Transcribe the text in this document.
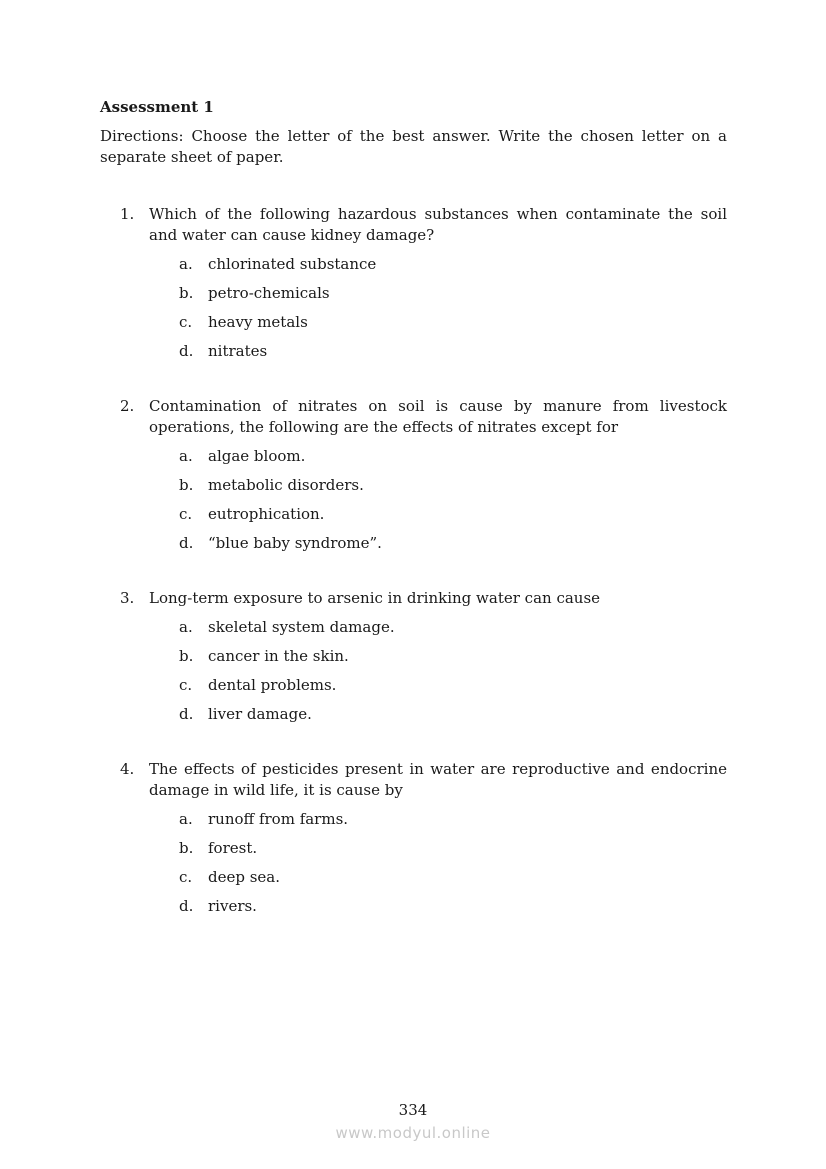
Assessment 1

Directions: Choose the letter of the best answer. Write the chosen letter on a separate sheet of paper.

1. Which of the following hazardous substances when contaminate the soil and water can cause kidney damage?

a. chlorinated substance
b. petro-chemicals
c. heavy metals
d. nitrates
2. Contamination of nitrates on soil is cause by manure from livestock operations, the following are the effects of nitrates except for

a. algae bloom.
b. metabolic disorders.
c. eutrophication.
d. “blue baby syndrome”.
3. Long-term exposure to arsenic in drinking water can cause

a. skeletal system damage.
b. cancer in the skin.
c. dental problems.
d. liver damage.
4. The effects of pesticides present in water are reproductive and endocrine damage in wild life, it is cause by

a. runoff from farms.
b. forest.
c. deep sea.
d. rivers.
334
www.modyul.online
